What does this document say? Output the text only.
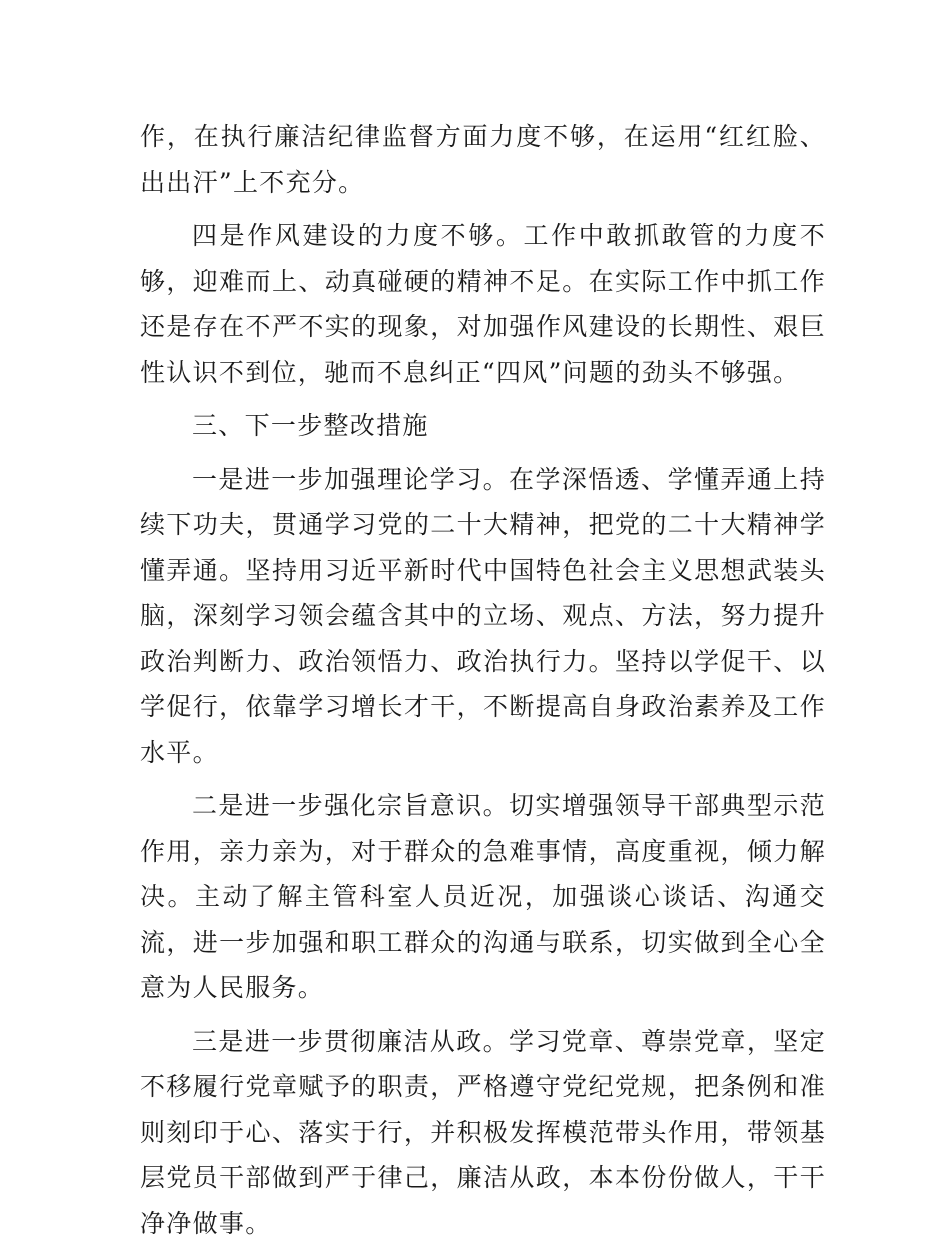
作，在执行廉洁纪律监督方面力度不够，在运用“红红脸、出出汗”上不充分。

四是作风建设的力度不够。工作中敢抓敢管的力度不够，迎难而上、动真碰硬的精神不足。在实际工作中抓工作还是存在不严不实的现象，对加强作风建设的长期性、艰巨性认识不到位，驰而不息纠正“四风”问题的劲头不够强。

三、下一步整改措施

一是进一步加强理论学习。在学深悟透、学懂弄通上持续下功夫，贯通学习党的二十大精神，把党的二十大精神学懂弄通。坚持用习近平新时代中国特色社会主义思想武装头脑，深刻学习领会蕴含其中的立场、观点、方法，努力提升政治判断力、政治领悟力、政治执行力。坚持以学促干、以学促行，依靠学习增长才干，不断提高自身政治素养及工作水平。

二是进一步强化宗旨意识。切实增强领导干部典型示范作用，亲力亲为，对于群众的急难事情，高度重视，倾力解决。主动了解主管科室人员近况，加强谈心谈话、沟通交流，进一步加强和职工群众的沟通与联系，切实做到全心全意为人民服务。

三是进一步贯彻廉洁从政。学习党章、尊崇党章，坚定不移履行党章赋予的职责，严格遵守党纪党规，把条例和准则刻印于心、落实于行，并积极发挥模范带头作用，带领基层党员干部做到严于律己，廉洁从政，本本份份做人，干干净净做事。
